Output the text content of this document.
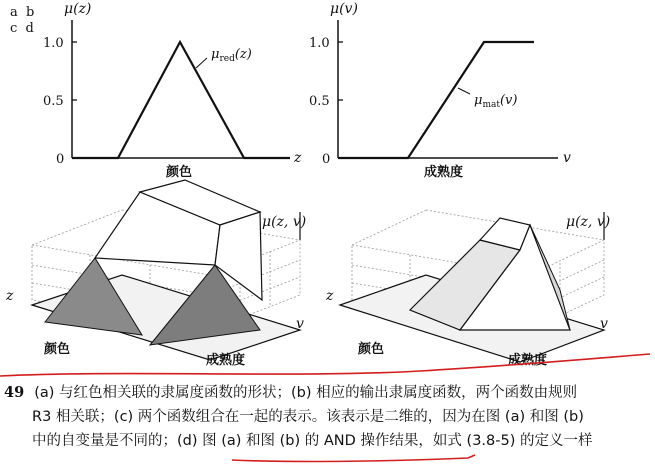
a  b
c  d
μ(z)
1.0
0.5
0	z
颜色
$\mu_{red}(z)$
μ(v)
1.0
0.5
0	v
成熟度
$\mu_{mat}(v)$
μ(z, v)
z
v
颜色
成熟度
μ(z, v)
z
v
颜色
成熟度
49 (a) 与红色相关联的隶属度函数的形状；(b) 相应的输出隶属度函数，两个函数由规则
R3 相关联；(c) 两个函数组合在一起的表示。该表示是二维的，因为在图 (a) 和图 (b)
中的自变量是不同的；(d) 图 (a) 和图 (b) 的 AND 操作结果，如式 (3.8-5) 的定义一样
